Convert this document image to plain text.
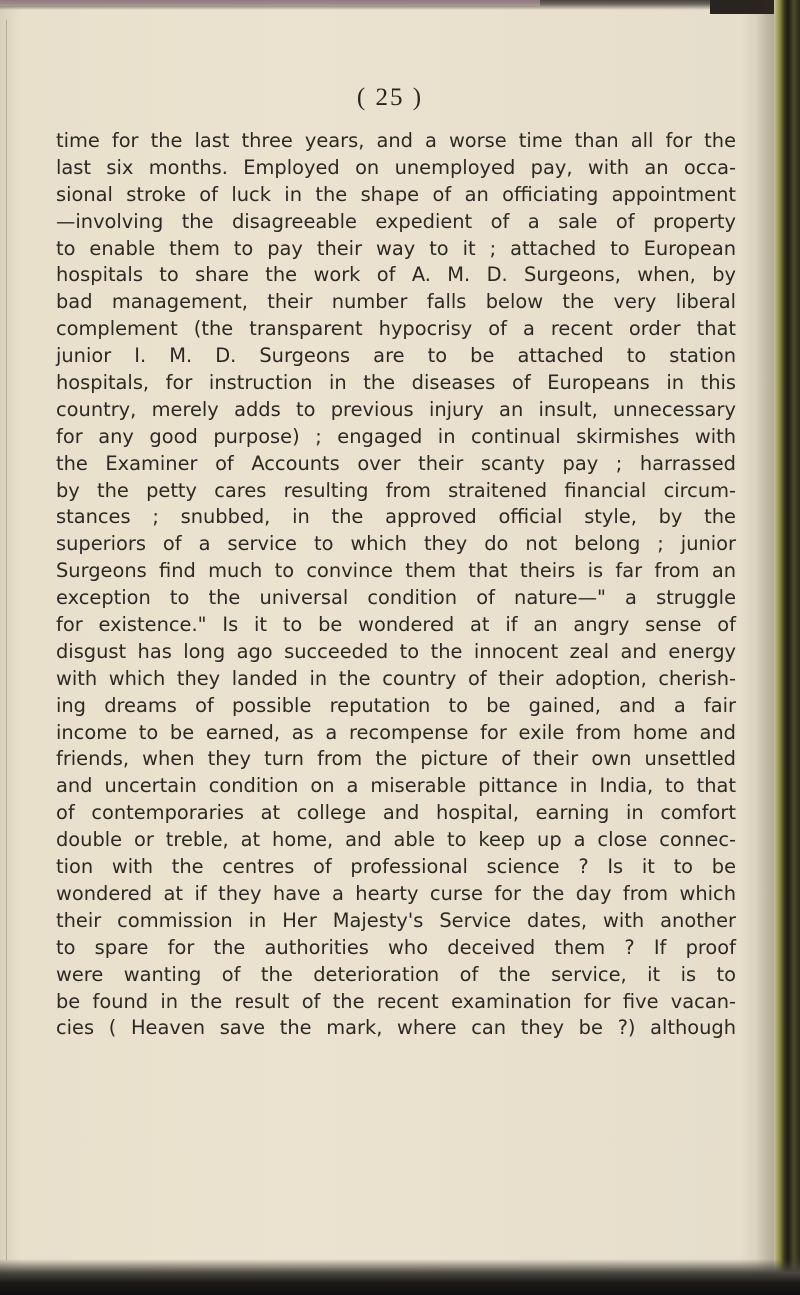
( 25 )
time for the last three years, and a worse time than all for the
last six months. Employed on unemployed pay, with an occa-
sional stroke of luck in the shape of an officiating appointment
—involving the disagreeable expedient of a sale of property
to enable them to pay their way to it ; attached to European
hospitals to share the work of A. M. D. Surgeons, when, by
bad management, their number falls below the very liberal
complement (the transparent hypocrisy of a recent order that
junior I. M. D. Surgeons are to be attached to station
hospitals, for instruction in the diseases of Europeans in this
country, merely adds to previous injury an insult, unnecessary
for any good purpose) ; engaged in continual skirmishes with
the Examiner of Accounts over their scanty pay ; harrassed
by the petty cares resulting from straitened financial circum-
stances ; snubbed, in the approved official style, by the
superiors of a service to which they do not belong ; junior
Surgeons find much to convince them that theirs is far from an
exception to the universal condition of nature—" a struggle
for existence." Is it to be wondered at if an angry sense of
disgust has long ago succeeded to the innocent zeal and energy
with which they landed in the country of their adoption, cherish-
ing dreams of possible reputation to be gained, and a fair
income to be earned, as a recompense for exile from home and
friends, when they turn from the picture of their own unsettled
and uncertain condition on a miserable pittance in India, to that
of contemporaries at college and hospital, earning in comfort
double or treble, at home, and able to keep up a close connec-
tion with the centres of professional science ? Is it to be
wondered at if they have a hearty curse for the day from which
their commission in Her Majesty's Service dates, with another
to spare for the authorities who deceived them ? If proof
were wanting of the deterioration of the service, it is to
be found in the result of the recent examination for five vacan-
cies ( Heaven save the mark, where can they be ?) although
